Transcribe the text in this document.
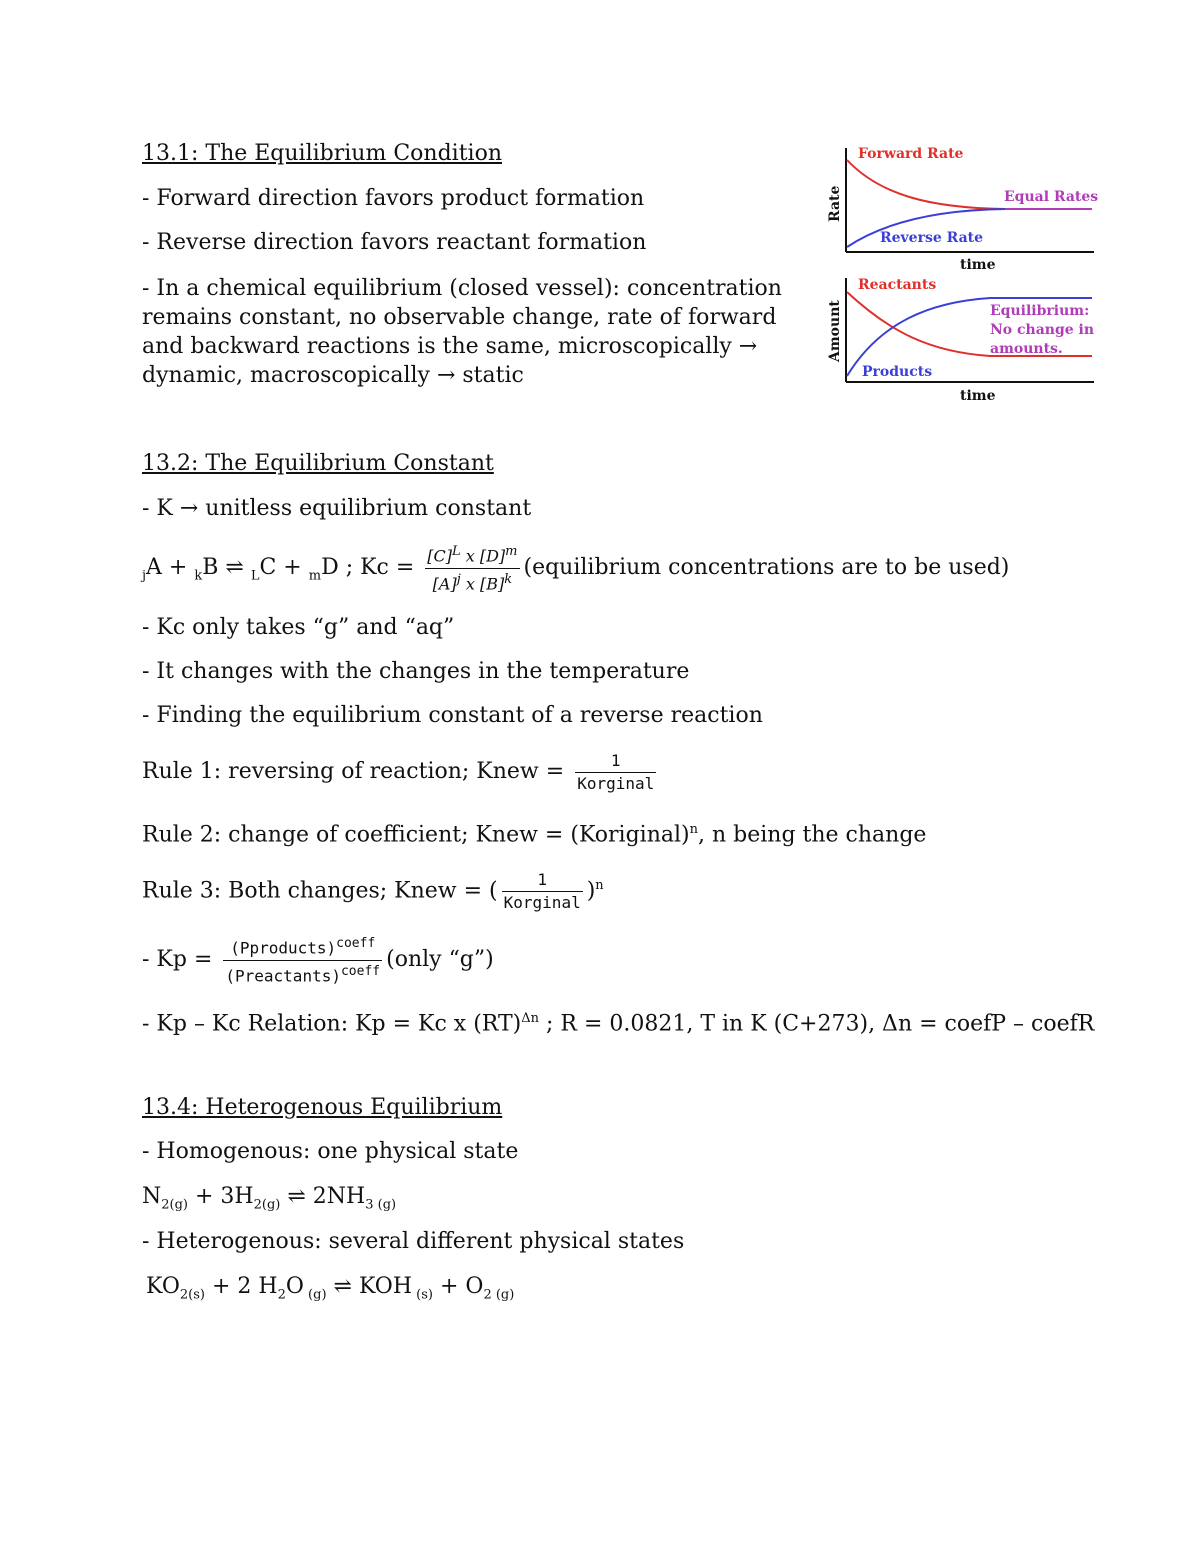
13.1: The Equilibrium Condition
- Forward direction favors product formation
- Reverse direction favors reactant formation
- In a chemical equilibrium (closed vessel): concentration remains constant, no observable change, rate of forward and backward reactions is the same, microscopically → dynamic, macroscopically → static
Forward Rate
Equal Rates
Reverse Rate
time
Rate
Reactants
Products
Equilibrium:
No change in
amounts.
time
Amount
13.2: The Equilibrium Constant
- K → unitless equilibrium constant
$_j$A + $_k$B ⇌ $_L$C + $_m$D ; $Kc = \frac{[C]^L x [D]^m}{[A]^j x [B]^k}$ (equilibrium concentrations are to be used)
- Kc only takes “g” and “aq”
- It changes with the changes in the temperature
- Finding the equilibrium constant of a reverse reaction
Rule 1: reversing of reaction; Knew = $\frac{1}{\text{Korginal}}$
Rule 2: change of coefficient; Knew = (Koriginal)$^n$, n being the change
Rule 3: Both changes; Knew = ( $\frac{1}{\text{Korginal}} )^n$
- $Kp = \frac{(Pproducts)^{coeff}}{(Preactants)^{coeff}}$ (only “g”)
- Kp – Kc Relation: Kp = Kc x (RT)$^{\Delta n}$ ; R = 0.0821, T in K (C+273), Δn = coefP – coefR
13.4: Heterogenous Equilibrium
- Homogenous: one physical state
$N_{2(g)} + 3H_{2(g)}$ ⇌ $2NH_{3 (g)}$
- Heterogenous: several different physical states
$KO_{2(s)} + 2$ $H_2O$ $_{(g)}$ ⇌ KOH $_{(s)} + O_{2 (g)}$
